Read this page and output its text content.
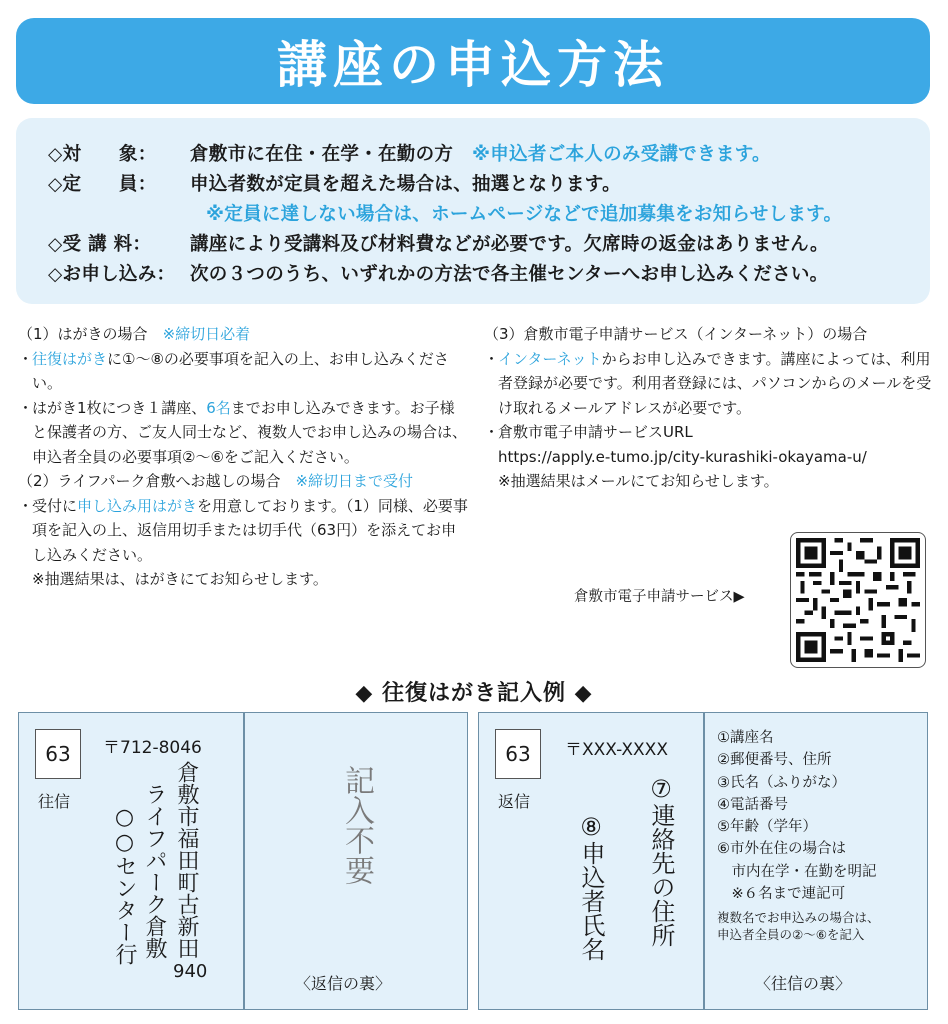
講座の申込方法
◇対　　象： 倉敷市に在住・在学・在勤の方　 ※申込者ご本人のみ受講できます。
◇定　　員： 申込者数が定員を超えた場合は、抽選となります。
※定員に達しない場合は、ホームページなどで追加募集をお知らせします。
◇受 講 料： 講座により受講料及び材料費などが必要です。欠席時の返金はありません。
◇お申し込み： 次の３つのうち、いずれかの方法で各主催センターへお申し込みください。
（1）はがきの場合　 ※締切日必着
・
往復はがきに①～⑧の必要事項を記入の上、お申し込みください。
・
はがき1枚につき１講座、6名までお申し込みできます。お子様と保護者の方、ご友人同士など、複数人でお申し込みの場合は、申込者全員の必要事項②～⑥をご記入ください。
（2）ライフパーク倉敷へお越しの場合　 ※締切日まで受付
・
受付に申し込み用はがきを用意しております。（1）同様、必要事項を記入の上、返信用切手または切手代（63円）を添えてお申し込みください。
※抽選結果は、はがきにてお知らせします。
（3）倉敷市電子申請サービス（インターネット）の場合
・
インターネットからお申し込みできます。講座によっては、利用者登録が必要です。利用者登録には、パソコンからのメールを受け取れるメールアドレスが必要です。
・
倉敷市電子申請サービスURL
https://apply.e-tumo.jp/city-kurashiki-okayama-u/
※抽選結果はメールにてお知らせします。
倉敷市電子申請サービス▶
◆ 往復はがき記入例 ◆
63
往信
〒712-8046
倉敷市福田町古新田
940
ライフパーク倉敷
○○センター行	記入不要
〈返信の裏〉
63
返信
〒XXX-XXXX
⑦連絡先の住所
⑧申込者氏名
①講座名
②郵便番号、住所
③氏名（ふりがな）
④電話番号
⑤年齢（学年）
⑥市外在住の場合は
　市内在学・在勤を明記
　※６名まで連記可
複数名でお申込みの場合は、
申込者全員の②～⑥を記入
〈往信の裏〉
